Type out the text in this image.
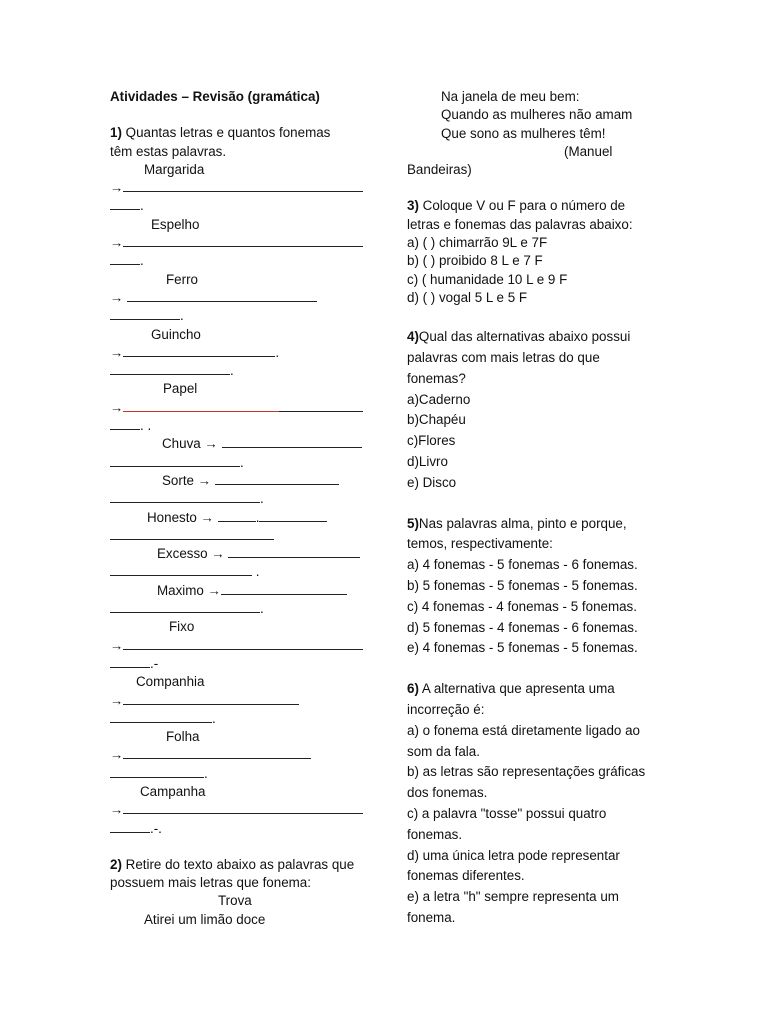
Atividades – Revisão (gramática)
1) Quantas letras e quantos fonemas
têm estas palavras.
Margarida
→
.
Espelho
→
.
Ferro
→
.
Guincho
→	.
.
Papel
→
. .
Chuva →
.
Sorte →
.
Honesto →	.
Excesso →
.
Maximo →
.
Fixo
→
.-
Companhia
→
.
Folha
→
.
Campanha
→
.-.
2) Retire do texto abaixo as palavras que
possuem mais letras que fonema:
Trova
Atirei um limão doce
Na janela de meu bem:
Quando as mulheres não amam
Que sono as mulheres têm!
(Manuel
Bandeiras)
3) Coloque V ou F para o número de
letras e fonemas das palavras abaixo:
a) ( ) chimarrão 9L e 7F
b) ( ) proibido 8 L e 7 F
c) ( humanidade 10 L e 9 F
d) ( ) vogal 5 L e 5 F
4)Qual das alternativas abaixo possui
palavras com mais letras do que
fonemas?
a)Caderno
b)Chapéu
c)Flores
d)Livro
e) Disco
5)Nas palavras alma, pinto e porque,
temos, respectivamente:
a) 4 fonemas - 5 fonemas - 6 fonemas.
b) 5 fonemas - 5 fonemas - 5 fonemas.
c) 4 fonemas - 4 fonemas - 5 fonemas.
d) 5 fonemas - 4 fonemas - 6 fonemas.
e) 4 fonemas - 5 fonemas - 5 fonemas.
6) A alternativa que apresenta uma
incorreção é:
a) o fonema está diretamente ligado ao
som da fala.
b) as letras são representações gráficas
dos fonemas.
c) a palavra "tosse" possui quatro
fonemas.
d) uma única letra pode representar
fonemas diferentes.
e) a letra "h" sempre representa um
fonema.
